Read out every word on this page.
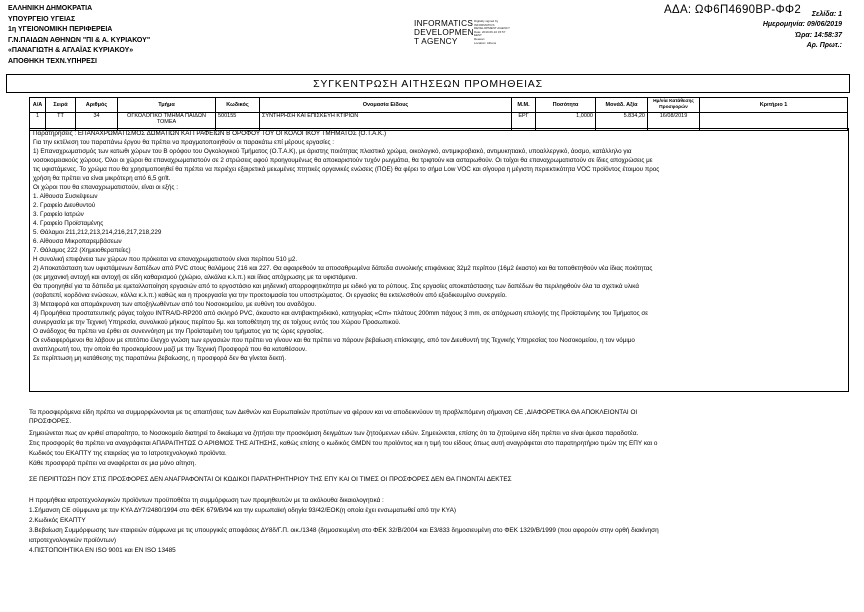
ΕΛΛΗΝΙΚΗ ΔΗΜΟΚΡΑΤΙΑ
ΥΠΟΥΡΓΕΙΟ ΥΓΕΙΑΣ
1η ΥΓΕΙΟΝΟΜΙΚΗ ΠΕΡΙΦΕΡΕΙΑ
Γ.Ν.ΠΑΙΔΩΝ ΑΘΗΝΩΝ "ΠΙ & Α. ΚΥΡΙΑΚΟΥ"
«ΠΑΝΑΓΙΩΤΗ & ΑΓΛΑΪΑΣ ΚΥΡΙΑΚΟΥ»
ΑΠΟΘΗΚΗ ΤΕΧΝ.ΥΠΗΡΕΣΙ
INFORMATICS
DEVELOPMEN
T AGENCY
Digitally signed by
INFORMATICS
DEVELOPMENT AGENCY
Date: 2019.06.10 15:57
EEST
Reason:
Location: Athens
ΑΔΑ: ΩΦ6Π4690ΒΡ-ΦΦ2	Σελίδα: 1
Ημερομηνία: 09/06/2019
Ώρα: 14:58:37
Αρ. Πρωτ.:
ΣΥΓΚΕΝΤΡΩΣΗ ΑΙΤΗΣΕΩΝ ΠΡΟΜΗΘΕΙΑΣ
Α/Α	Σειρά	Αριθμός	Τμήμα	Κωδικός	Ονομασία Είδους	Μ.Μ.	Ποσότητα	Μονάδ. Αξία	Ημ/νία Κατάθεσης Προσφορών	Κριτήριο 1
1	ΤΤ	34	ΟΓΚΟΛΟΓΙΚΟ ΤΜΗΜΑ ΠΑΙΔΩΝ ΤΟΜΕΑ	500155	ΣΥΝΤΗΡΗΣΗ ΚΑΙ ΕΠΙΣΚΕΥΗ ΚΤΙΡΙΩΝ	ΕΡΓ	1,0000	5.834,20	16/08/2019	
Παρατηρήσεις : ΕΠΑΝΑΧΡΩΜΑΤΙΣΜΟΣ ΔΩΜΑΤΙΩΝ ΚΑΙ ΓΡΑΦΕΙΩΝ Β ΟΡΟΦΟΥ ΤΟΥ ΟΓΚΟΛΟΓΙΚΟΥ ΤΜΗΜΑΤΟΣ (Ο.Τ.Α.Κ.)
Για την εκτέλεση του παραπάνω έργου θα πρέπει να πραγματοποιηθούν οι παρακάτω επί μέρους εργασίες :
1) Επαναχρωματισμός των κατωθι χώρων του Β ορόφου του Ογκολογικού Τμήματος (Ο.Τ.Α.Κ), με άριστης ποιότητας πλαστικό χρώμα, οικολογικό, αντιμικροβιακό, αντιμυκητιακό, υποαλλεργικό, άοσμο, κατάλληλο για
νοσοκομειακούς χώρους. Όλοι οι χώροι θα επαναχρωματιστούν σε 2 στρώσεις αφού προηγουμένως θα αποκαριστούν τυχόν ρωγμάτια, θα τριφτούν και ασταρωθούν. Οι τοίχοι θα επαναχρωματιστούν σε ίδιες αποχρώσεις με
τις υφιστάμενες. Το χρώμα που θα χρησιμοποιηθεί θα πρέπει να περιέχει εξαιρετικά μειωμένες πτητικές οργανικές ενώσεις (ΠΟΕ) θα φέρει το σήμα Low VOC και σίγουρα η μέγιστη περιεκτικότητα VOC προϊόντος έτοιμου προς
χρήση θα πρέπει να είναι μικρότερη από 6,5 gr/lt.
Οι χώροι που θα επαναχρωματιστούν, είναι οι εξής :
1. Αίθουσα Συσκέψεων
2. Γραφείο Διευθυντού
3. Γραφείο Ιατρών
4. Γραφείο Προϊσταμένης
5. Θάλαμοι 211,212,213,214,216,217,218,229
6. Αίθουσα Μικροπαρεμβάσεων
7. Θάλαμος 222 (Χημειοθεραπείες)
Η συνολική επιφάνεια των χώρων που πρόκειται να επαναχρωματιστούν είναι περίπου 510 μ2.
2) Αποκατάσταση των υφιστάμενων δαπέδων από PVC στους θαλάμους 216 και 227. Θα αφαιρεθούν τα αποσαθρωμένα δάπεδα συνολικής επιφάνειας 32μ2 περίπου (16μ2 έκαστο) και θα τοποθετηθούν νέα ίδιας ποιότητας
(σε μηχανική αντοχή και αντοχή σε είδη καθαρισμού (χλώριο, αλκάλια κ.λ.π.) και ίδιας απόχρωσης με τα υφιστάμενα.
Θα προηγηθεί για τα δάπεδα με εμεταλλοποίηση εργασιών από το εργοστάσιο και μηδενική απορροφητικότητα με ειδικό για το ρύπους. Στις εργασίες αποκατάστασης των δαπέδων θα περιληφθούν όλα τα σχετικά υλικά
(σοβατεπί, κορδόνια ενώσεων, κόλλα κ.λ.π.) καθώς και η προεργασία για την προετοιμασία του υποστρώματος. Οι εργασίες θα εκτελεσθούν από εξειδικευμένο συνεργείο.
3) Μεταφορά και απομάκρυνση των αποξηλωθέντων από του Νοσοκομείου, με ευθύνη του αναδόχου.
4) Προμήθεια προστατευτικής ράγας τοίχου INTRA/D-RP200 από σκληρό PVC, άκαυστο και αντιβακτηριδιακό, κατηγορίας «Cm» πλάτους 200mm πάχους 3 mm, σε απόχρωση επιλογής της Προϊσταμένης του Τμήματος σε
συνεργασία με την Τεχνική Υπηρεσία, συνολικού μήκους περίπου 5μ. και τοποθέτηση της σε τοίχους εντός του Χώρου Προσωπικού.
Ο ανάδοχος θα πρέπει να έρθει σε συνεννόηση με την Προϊσταμένη του τμήματος για τις ώρες εργασίας.
Οι ενδιαφερόμενοι θα λάβουν με επιτόπιο έλεγχο γνώση των εργασιών που πρέπει να γίνουν και θα πρέπει να πάρουν βεβαίωση επίσκεψης, από τον Διευθυντή της Τεχνικής Υπηρεσίας του Νοσοκομείου, η τον νόμιμο
αναπληρωτή του, την οποία θα προσκομίσουν μαζί με την Τεχνική Προσφορά που θα καταθέσουν.
Σε περίπτωση μη κατάθεσης της παραπάνω βεβαίωσης, η προσφορά δεν θα γίνεται δεκτή.
Τα προσφερόμενα είδη πρέπει να συμμορφώνονται με τις απαιτήσεις των Διεθνών και Ευρωπαϊκών προτύπων να φέρουν και να αποδεικνύουν τη προβλεπόμενη σήμανση CE ,ΔΙΑΦΟΡΕΤΙΚΑ ΘΑ ΑΠΟΚΛΕΙΟΝΤΑΙ ΟΙ
ΠΡΟΣΦΟΡΕΣ.
Σημειώνεται πως αν κριθεί απαραίτητο, το Νοσοκομείο διατηρεί το δικαίωμα να ζητήσει την προσκόμιση δειγμάτων των ζητούμενων ειδών. Σημειώνεται, επίσης ότι τα ζητούμενα είδη πρέπει να είναι άμεσα παραδοτέα.
Στις προσφορές θα πρέπει να αναγράφεται ΑΠΑΡΑΙΤΗΤΩΣ Ο ΑΡΙΘΜΟΣ ΤΗΣ ΑΙΤΗΣΗΣ, καθώς επίσης ο κωδικός GMDN του προϊόντος και η τιμή του είδους όπως αυτή αναγράφεται στο παρατηρητήριο τιμών της ΕΠΥ και ο
Κωδικός του ΕΚΑΠΤΥ της εταιρείας για το Ιατροτεχνολογικό προϊόντα.
Κάθε προσφορά πρέπει να αναφέρεται σε μια μόνο αίτηση.
ΣΕ ΠΕΡΙΠΤΩΣΗ ΠΟΥ ΣΤΙΣ ΠΡΟΣΦΟΡΕΣ ΔΕΝ ΑΝΑΓΡΑΦΟΝΤΑΙ ΟΙ ΚΩΔΙΚΟΙ ΠΑΡΑΤΗΡΗΤΗΡΙΟΥ ΤΗΣ ΕΠΥ ΚΑΙ ΟΙ ΤΙΜΕΣ ΟΙ ΠΡΟΣΦΟΡΕΣ ΔΕΝ ΘΑ ΓΙΝΟΝΤΑΙ ΔΕΚΤΕΣ
Η προμήθεια ιατροτεχνολογικών προϊόντων προϋποθέτει τη συμμόρφωση των προμηθευτών με τα ακόλουθα δικαιολογητικά :
1.Σήμανση CE σύμφωνα με την ΚΥΑ ΔΥ7/2480/1994 στο ΦΕΚ 679/Β/94 και την ευρωπαϊκή οδηγία 93/42/ΕΟΚ(η οποία έχει ενσωματωθεί από την ΚΥΑ)
2.Κωδικός ΕΚΑΠΤΥ
3.Βεβαίωση Συμμόρφωσης των εταιρειών σύμφωνα με τις υπουργικές αποφάσεις ΔΥ8δ/Γ.Π. οικ./1348 (δημοσιευμένη στο ΦΕΚ 32/Β/2004 και Ε3/833 δημοσιευμένη στο ΦΕΚ 1329/Β/1999 (που αφορούν στην ορθή διακίνηση
ιατροτεχνολογικών προϊόντων)
4.ΠΙΣΤΟΠΟΙΗΤΙΚΑ ΕΝ ISO 9001 και ΕΝ ISO 13485
